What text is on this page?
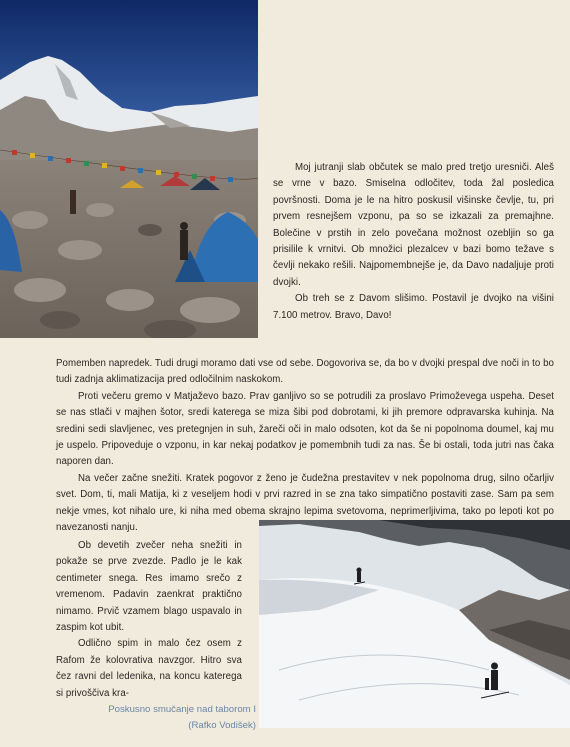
Moj jutranji slab občutek se malo pred tretjo uresniči. Aleš se vrne v bazo. Smiselna odločitev, toda žal posledica površnosti. Doma je le na hitro poskusil višinske čevlje, tu, pri prvem resnejšem vzponu, pa so se izkazali za premajhne. Bolečine v prstih in zelo povečana možnost ozebljin so ga prisilile k vrnitvi. Ob množici plezalcev v bazi bomo težave s čevlji nekako rešili. Najpomembnejše je, da Davo nadaljuje proti dvojki.

Ob treh se z Davom slišimo. Postavil je dvojko na višini 7.100 metrov. Bravo, Davo!

Pomemben napredek. Tudi drugi moramo dati vse od sebe. Dogovoriva se, da bo v dvojki prespal dve noči in to bo tudi zadnja aklimatizacija pred odločilnim naskokom.

Proti večeru gremo v Matjaževo bazo. Prav ganljivo so se potrudili za proslavo Primoževega uspeha. Deset se nas stlači v majhen šotor, sredi katerega se miza šibi pod dobrotami, ki jih premore odpravarska kuhinja. Na sredini sedi slavljenec, ves pretegnjen in suh, žareči oči in malo odsoten, kot da še ni popolnoma doumel, kaj mu je uspelo. Pripoveduje o vzponu, in kar nekaj podatkov je pomembnih tudi za nas. Še bi ostali, toda jutri nas čaka naporen dan.

Na večer začne snežiti. Kratek pogovor z ženo je čudežna prestavitev v nek popolnoma drug, silno očarljiv svet. Dom, ti, mali Matija, ki z veseljem hodi v prvi razred in se zna tako simpatično postaviti zase. Sam pa sem nekje vmes, kot nihalo ure, ki niha med obema skrajno lepima svetovoma, neprimerljivima, tako po lepoti kot po navezanosti nanju.

Ob devetih zvečer neha snežiti in pokaže se prve zvezde. Padlo je le kak centimeter snega. Res imamo srečo z vremenom. Padavin zaenkrat praktično nimamo. Prvič vzamem blago uspavalo in zaspim kot ubit.

Odlično spim in malo čez osem z Rafom že kolovrativa navzgor. Hitro sva čez ravni del ledenika, na koncu katerega si privoščiva kra-

Poskusno smučanje nad taborom I
(Rafko Vodišek)
